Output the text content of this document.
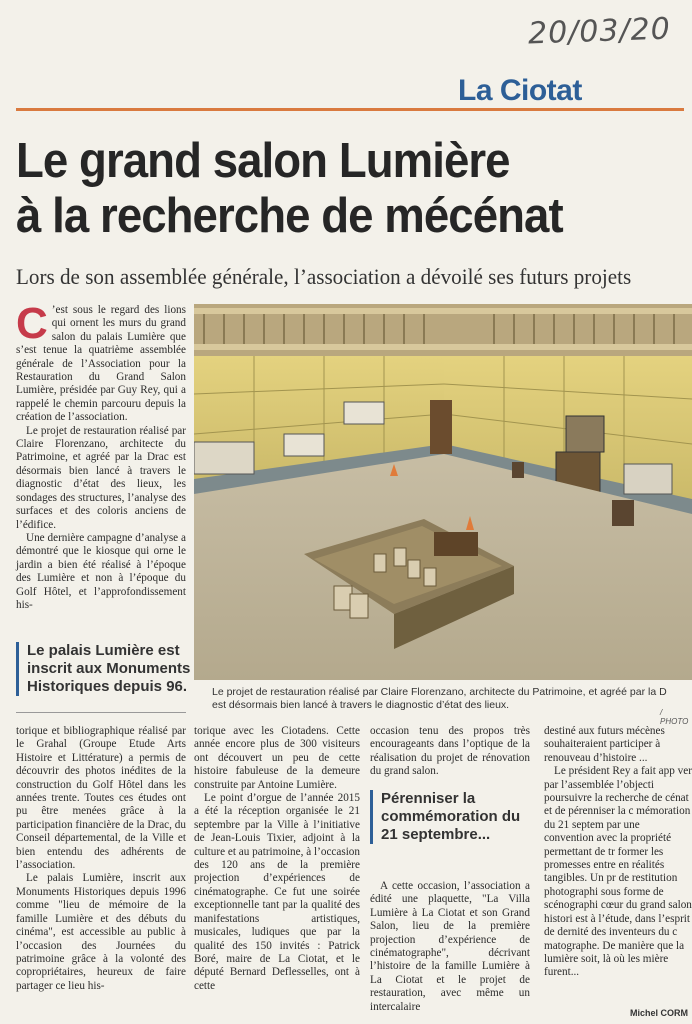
20/03/20
La Ciotat
Le grand salon Lumière
à la recherche de mécénat
Lors de son assemblée générale, l’association a dévoilé ses futurs projets

C ’est sous le regard des lions qui ornent les murs du grand salon du palais Lumière que s’est tenue la quatrième assemblée générale de l’Association pour la Restauration du Grand Salon Lumière, présidée par Guy Rey, qui a rappelé le chemin parcouru depuis la création de l’association.

Le projet de restauration réalisé par Claire Florenzano, architecte du Patrimoine, et agréé par la Drac est désormais bien lancé à travers le diagnostic d’état des lieux, les sondages des structures, l’analyse des surfaces et des coloris anciens de l’édifice.

Une dernière campagne d’analyse a démontré que le kiosque qui orne le jardin a bien été réalisé à l’époque des Lumière et non à l’époque du Golf Hôtel, et l’approfondissement his-

Le palais Lumière est inscrit aux Monuments Historiques depuis 96.	Le projet de restauration réalisé par Claire Florenzano, architecte du Patrimoine, et agréé par la D
est désormais bien lancé à travers le diagnostic d’état des lieux.
/ PHOTO

torique et bibliographique réalisé par le Grahal (Groupe Etude Arts Histoire et Littérature) a permis de découvrir des photos inédites de la construction du Golf Hôtel dans les années trente. Toutes ces études ont pu être menées grâce à la participation financière de la Drac, du Conseil départemental, de la Ville et bien entendu des adhérents de l’association.

Le palais Lumière, inscrit aux Monuments Historiques depuis 1996 comme "lieu de mémoire de la famille Lumière et des débuts du cinéma", est accessible au public à l’occasion des Journées du patrimoine grâce à la volonté des copropriétaires, heureux de faire partager ce lieu his-

torique avec les Ciotadens. Cette année encore plus de 300 visiteurs ont découvert un peu de cette histoire fabuleuse de la demeure construite par Antoine Lumière.

Le point d’orgue de l’année 2015 a été la réception organisée le 21 septembre par la Ville à l’initiative de Jean-Louis Tixier, adjoint à la culture et au patrimoine, à l’occasion des 120 ans de la première projection d’expériences de cinématographe. Ce fut une soirée exceptionnelle tant par la qualité des manifestations artistiques, musicales, ludiques que par la qualité des 150 invités : Patrick Boré, maire de La Ciotat, et le député Bernard Deflesselles, ont à cette

occasion tenu des propos très encourageants dans l’optique de la réalisation du projet de rénovation du grand salon.

Pérenniser la commémoration du 21 septembre...

A cette occasion, l’association a édité une plaquette, "La Villa Lumière à La Ciotat et son Grand Salon, lieu de la première projection d’expérience de cinématographe", décrivant l’histoire de la famille Lumière à La Ciotat et le projet de restauration, avec même un intercalaire

destiné aux futurs mécènes souhaiteraient participer à renouveau d’histoire ...

Le président Rey a fait app ver par l’assemblée l’objecti poursuivre la recherche de cénat et de pérenniser la c mémoration du 21 septem par une convention avec la propriété permettant de tr former les promesses entre en réalités tangibles. Un pr de restitution photographi sous forme de scénographi cœur du grand salon histori est à l’étude, dans l’esprit de dernité des inventeurs du c matographe. De manière que la lumière soit, là où les mière furent...

Michel CORM
